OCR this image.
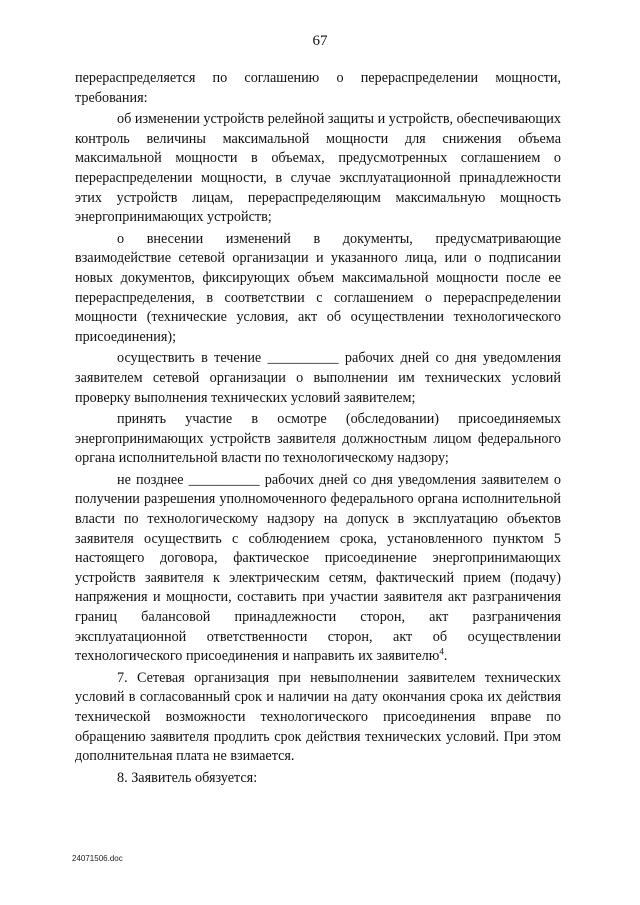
67

перераспределяется по соглашению о перераспределении мощности, требования:

об изменении устройств релейной защиты и устройств, обеспечивающих контроль величины максимальной мощности для снижения объема максимальной мощности в объемах, предусмотренных соглашением о перераспределении мощности, в случае эксплуатационной принадлежности этих устройств лицам, перераспределяющим максимальную мощность энергопринимающих устройств;

о внесении изменений в документы, предусматривающие взаимодействие сетевой организации и указанного лица, или о подписании новых документов, фиксирующих объем максимальной мощности после ее перераспределения, в соответствии с соглашением о перераспределении мощности (технические условия, акт об осуществлении технологического присоединения);

осуществить в течение __________ рабочих дней со дня уведомления заявителем сетевой организации о выполнении им технических условий проверку выполнения технических условий заявителем;

принять участие в осмотре (обследовании) присоединяемых энергопринимающих устройств заявителя должностным лицом федерального органа исполнительной власти по технологическому надзору;

не позднее __________ рабочих дней со дня уведомления заявителем о получении разрешения уполномоченного федерального органа исполнительной власти по технологическому надзору на допуск в эксплуатацию объектов заявителя осуществить с соблюдением срока, установленного пунктом 5 настоящего договора, фактическое присоединение энергопринимающих устройств заявителя к электрическим сетям, фактический прием (подачу) напряжения и мощности, составить при участии заявителя акт разграничения границ балансовой принадлежности сторон, акт разграничения эксплуатационной ответственности сторон, акт об осуществлении технологического присоединения и направить их заявителю$^4$.

7. Сетевая организация при невыполнении заявителем технических условий в согласованный срок и наличии на дату окончания срока их действия технической возможности технологического присоединения вправе по обращению заявителя продлить срок действия технических условий. При этом дополнительная плата не взимается.

8. Заявитель обязуется:

24071506.doc
